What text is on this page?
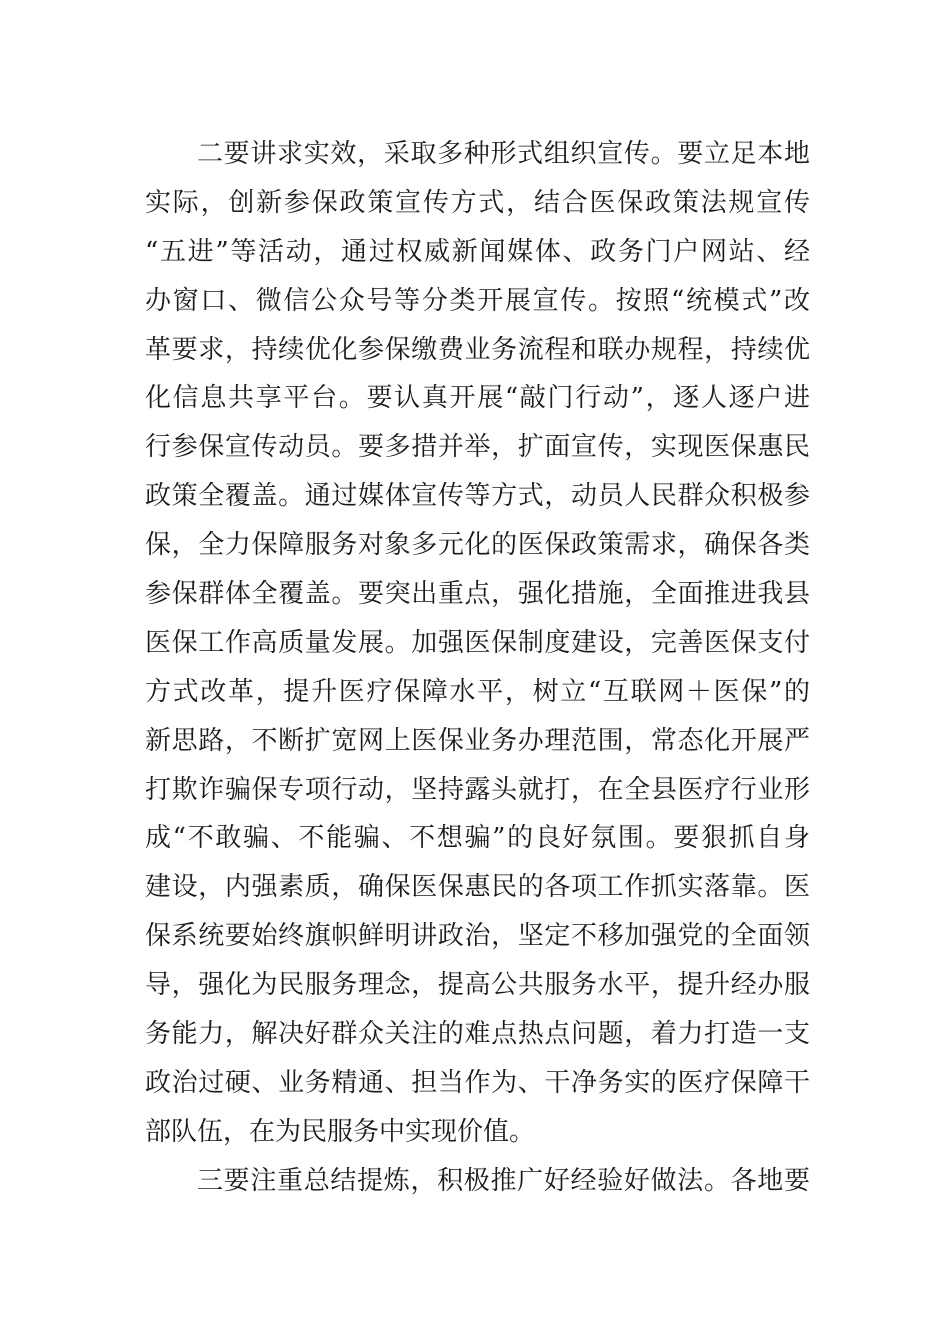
二要讲求实效，采取多种形式组织宣传。要立足本地
实际，创新参保政策宣传方式，结合医保政策法规宣传
“五进”等活动，通过权威新闻媒体、政务门户网站、经
办窗口、微信公众号等分类开展宣传。按照“统模式”改
革要求，持续优化参保缴费业务流程和联办规程，持续优
化信息共享平台。要认真开展“敲门行动”，逐人逐户进
行参保宣传动员。要多措并举，扩面宣传，实现医保惠民
政策全覆盖。通过媒体宣传等方式，动员人民群众积极参
保，全力保障服务对象多元化的医保政策需求，确保各类
参保群体全覆盖。要突出重点，强化措施，全面推进我县
医保工作高质量发展。加强医保制度建设，完善医保支付
方式改革，提升医疗保障水平，树立“互联网＋医保”的
新思路，不断扩宽网上医保业务办理范围，常态化开展严
打欺诈骗保专项行动，坚持露头就打，在全县医疗行业形
成“不敢骗、不能骗、不想骗”的良好氛围。要狠抓自身
建设，内强素质，确保医保惠民的各项工作抓实落靠。医
保系统要始终旗帜鲜明讲政治，坚定不移加强党的全面领
导，强化为民服务理念，提高公共服务水平，提升经办服
务能力，解决好群众关注的难点热点问题，着力打造一支
政治过硬、业务精通、担当作为、干净务实的医疗保障干
部队伍，在为民服务中实现价值。
三要注重总结提炼，积极推广好经验好做法。各地要
